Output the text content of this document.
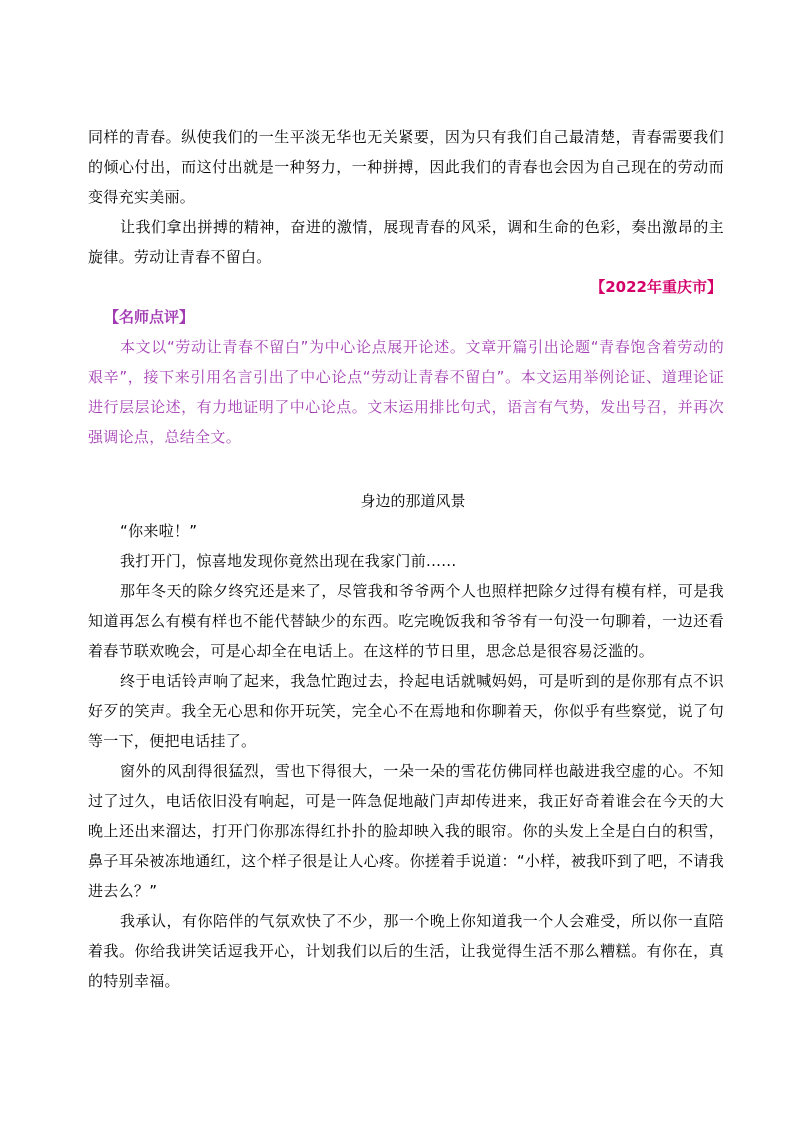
同样的青春。纵使我们的一生平淡无华也无关紧要，因为只有我们自己最清楚，青春需要我们的倾心付出，而这付出就是一种努力，一种拼搏，因此我们的青春也会因为自己现在的劳动而变得充实美丽。

让我们拿出拼搏的精神，奋进的激情，展现青春的风采，调和生命的色彩，奏出激昂的主旋律。劳动让青春不留白。

【2022年重庆市】
【名师点评】

本文以“劳动让青春不留白”为中心论点展开论述。文章开篇引出论题“青春饱含着劳动的艰辛”，接下来引用名言引出了中心论点“劳动让青春不留白”。本文运用举例论证、道理论证进行层层论述，有力地证明了中心论点。文末运用排比句式，语言有气势，发出号召，并再次强调论点，总结全文。

身边的那道风景

“你来啦！”

我打开门，惊喜地发现你竟然出现在我家门前......

那年冬天的除夕终究还是来了，尽管我和爷爷两个人也照样把除夕过得有模有样，可是我知道再怎么有模有样也不能代替缺少的东西。吃完晚饭我和爷爷有一句没一句聊着，一边还看着春节联欢晚会，可是心却全在电话上。在这样的节日里，思念总是很容易泛滥的。

终于电话铃声响了起来，我急忙跑过去，拎起电话就喊妈妈，可是听到的是你那有点不识好歹的笑声。我全无心思和你开玩笑，完全心不在焉地和你聊着天，你似乎有些察觉，说了句等一下，便把电话挂了。

窗外的风刮得很猛烈，雪也下得很大，一朵一朵的雪花仿佛同样也敲进我空虚的心。不知过了过久，电话依旧没有响起，可是一阵急促地敲门声却传进来，我正好奇着谁会在今天的大晚上还出来溜达，打开门你那冻得红扑扑的脸却映入我的眼帘。你的头发上全是白白的积雪，鼻子耳朵被冻地通红，这个样子很是让人心疼。你搓着手说道：“小样，被我吓到了吧，不请我进去么？”

我承认，有你陪伴的气氛欢快了不少，那一个晚上你知道我一个人会难受，所以你一直陪着我。你给我讲笑话逗我开心，计划我们以后的生活，让我觉得生活不那么糟糕。有你在，真的特别幸福。
